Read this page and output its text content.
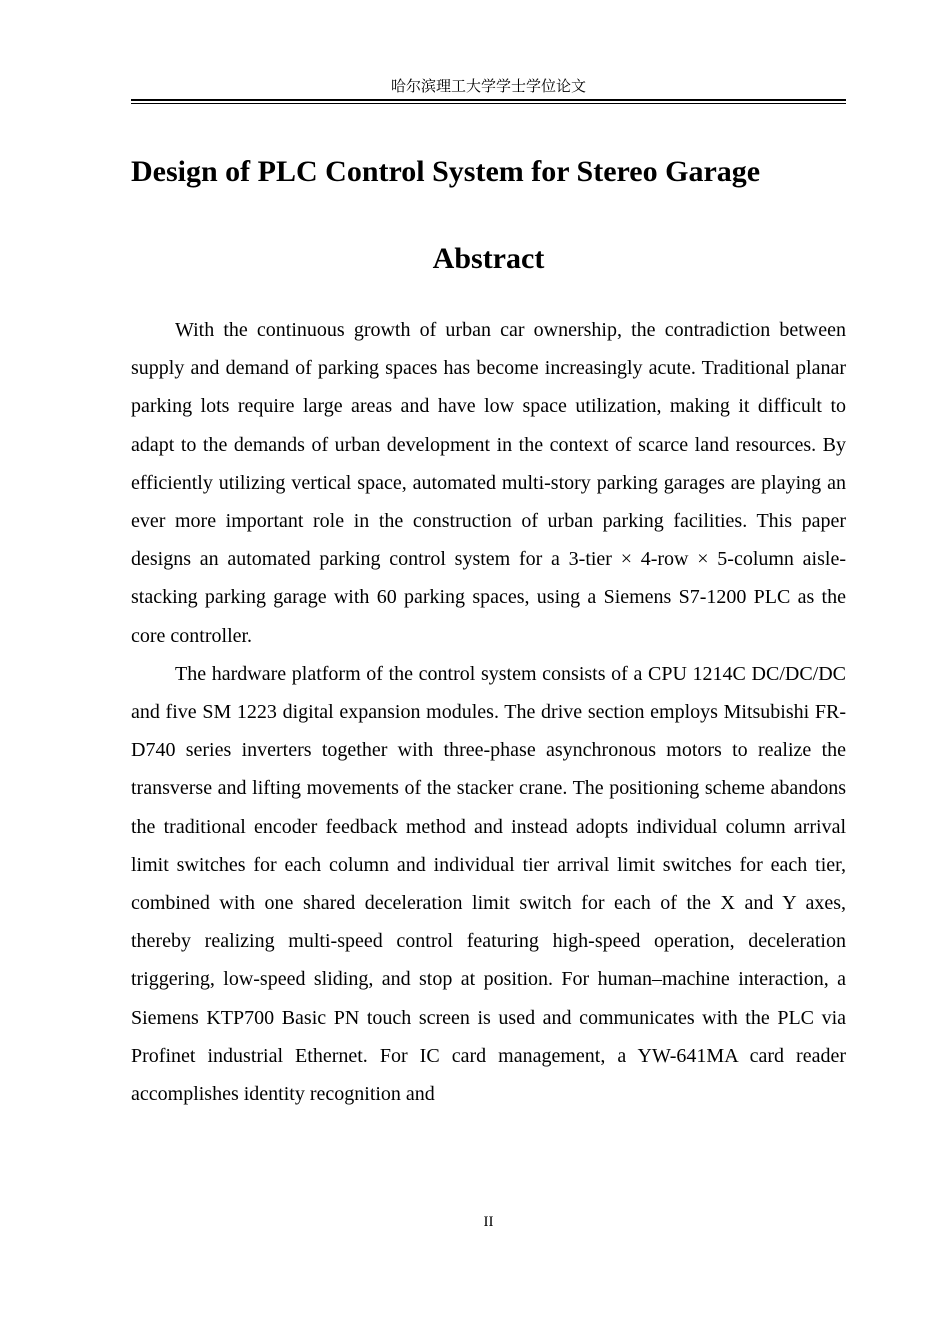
哈尔滨理工大学学士学位论文
Design of PLC Control System for Stereo Garage
Abstract

With the continuous growth of urban car ownership, the contradiction between supply and demand of parking spaces has become increasingly acute. Traditional planar parking lots require large areas and have low space utilization, making it difficult to adapt to the demands of urban development in the context of scarce land resources. By efficiently utilizing vertical space, automated multi-story parking garages are playing an ever more important role in the construction of urban parking facilities. This paper designs an automated parking control system for a 3-tier × 4-row × 5-column aisle-stacking parking garage with 60 parking spaces, using a Siemens S7-1200 PLC as the core controller.

The hardware platform of the control system consists of a CPU 1214C DC/DC/DC and five SM 1223 digital expansion modules. The drive section employs Mitsubishi FR-D740 series inverters together with three-phase asynchronous motors to realize the transverse and lifting movements of the stacker crane. The positioning scheme abandons the traditional encoder feedback method and instead adopts individual column arrival limit switches for each column and individual tier arrival limit switches for each tier, combined with one shared deceleration limit switch for each of the X and Y axes, thereby realizing multi-speed control featuring high-speed operation, deceleration triggering, low-speed sliding, and stop at position. For human–machine interaction, a Siemens KTP700 Basic PN touch screen is used and communicates with the PLC via Profinet industrial Ethernet. For IC card management, a YW-641MA card reader accomplishes identity recognition and

II
